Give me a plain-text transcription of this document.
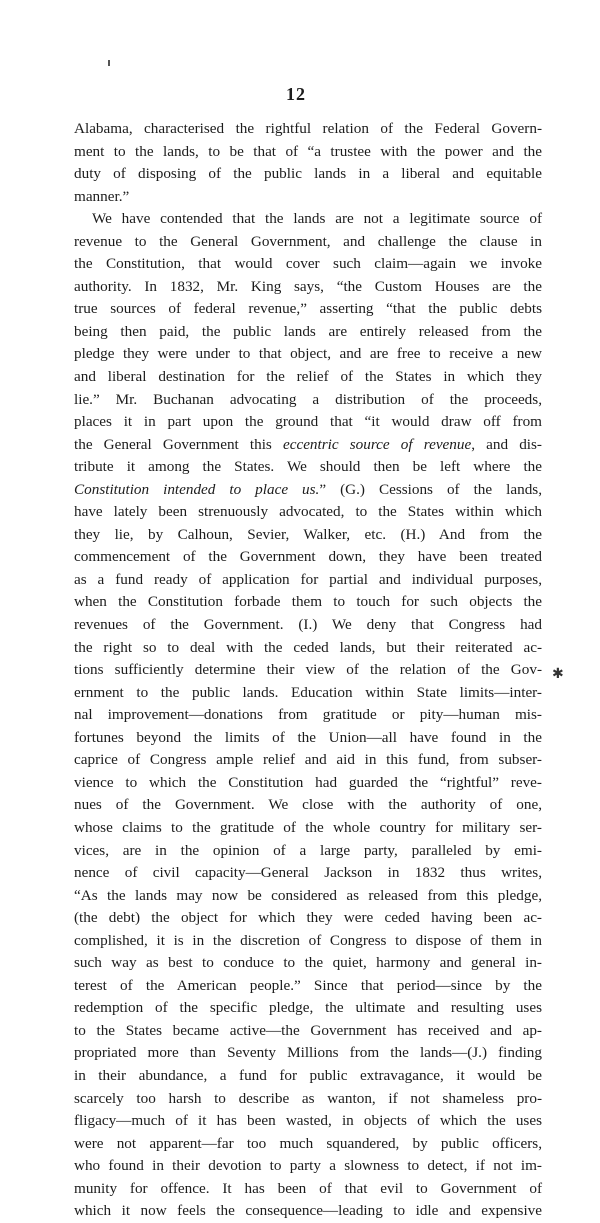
12
Alabama, characterised the rightful relation of the Federal Govern-
ment to the lands, to be that of “a trustee with the power and the
duty of disposing of the public lands in a liberal and equitable
manner.”
We have contended that the lands are not a legitimate source of
revenue to the General Government, and challenge the clause in
the Constitution, that would cover such claim—again we invoke
authority. In 1832, Mr. King says, “the Custom Houses are the
true sources of federal revenue,” asserting “that the public debts
being then paid, the public lands are entirely released from the
pledge they were under to that object, and are free to receive a new
and liberal destination for the relief of the States in which they
lie.” Mr. Buchanan advocating a distribution of the proceeds,
places it in part upon the ground that “it would draw off from
the General Government this eccentric source of revenue, and dis-
tribute it among the States. We should then be left where the
Constitution intended to place us.” (G.) Cessions of the lands,
have lately been strenuously advocated, to the States within which
they lie, by Calhoun, Sevier, Walker, etc. (H.) And from the
commencement of the Government down, they have been treated
as a fund ready of application for partial and individual purposes,
when the Constitution forbade them to touch for such objects the
revenues of the Government. (I.) We deny that Congress had
the right so to deal with the ceded lands, but their reiterated ac-
tions sufficiently determine their view of the relation of the Gov-
ernment to the public lands. Education within State limits—inter-
nal improvement—donations from gratitude or pity—human mis-
fortunes beyond the limits of the Union—all have found in the
caprice of Congress ample relief and aid in this fund, from subser-
vience to which the Constitution had guarded the “rightful” reve-
nues of the Government. We close with the authority of one,
whose claims to the gratitude of the whole country for military ser-
vices, are in the opinion of a large party, paralleled by emi-
nence of civil capacity—General Jackson in 1832 thus writes,
“As the lands may now be considered as released from this pledge,
(the debt) the object for which they were ceded having been ac-
complished, it is in the discretion of Congress to dispose of them in
such way as best to conduce to the quiet, harmony and general in-
terest of the American people.” Since that period—since by the
redemption of the specific pledge, the ultimate and resulting uses
to the States became active—the Government has received and ap-
propriated more than Seventy Millions from the lands—(J.) finding
in their abundance, a fund for public extravagance, it would be
scarcely too harsh to describe as wanton, if not shameless pro-
fligacy—much of it has been wasted, in objects of which the uses
were not apparent—far too much squandered, by public officers,
who found in their devotion to party a slowness to detect, if not im-
munity for offence. It has been of that evil to Government of
which it now feels the consequence—leading to idle and expensive
✱
